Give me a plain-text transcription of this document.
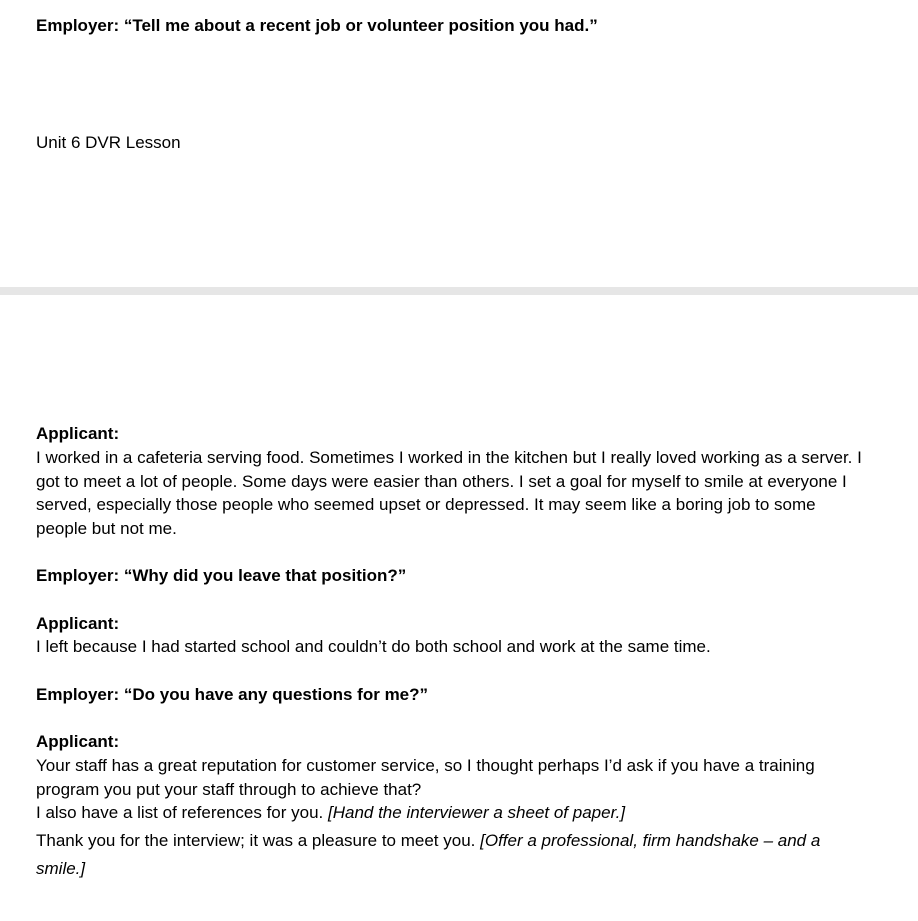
Employer: “Tell me about a recent job or volunteer position you had.”
Unit 6 DVR Lesson
Applicant:
I worked in a cafeteria serving food. Sometimes I worked in the kitchen but I really loved working as a server. I got to meet a lot of people. Some days were easier than others. I set a goal for myself to smile at everyone I served, especially those people who seemed upset or depressed. It may seem like a boring job to some people but not me.
Employer: “Why did you leave that position?”
Applicant:
I left because I had started school and couldn’t do both school and work at the same time.
Employer: “Do you have any questions for me?”
Applicant:
Your staff has a great reputation for customer service, so I thought perhaps I’d ask if you have a training program you put your staff through to achieve that?
I also have a list of references for you. [Hand the interviewer a sheet of paper.]
Thank you for the interview; it was a pleasure to meet you. [Offer a professional, firm handshake – and a smile.]
